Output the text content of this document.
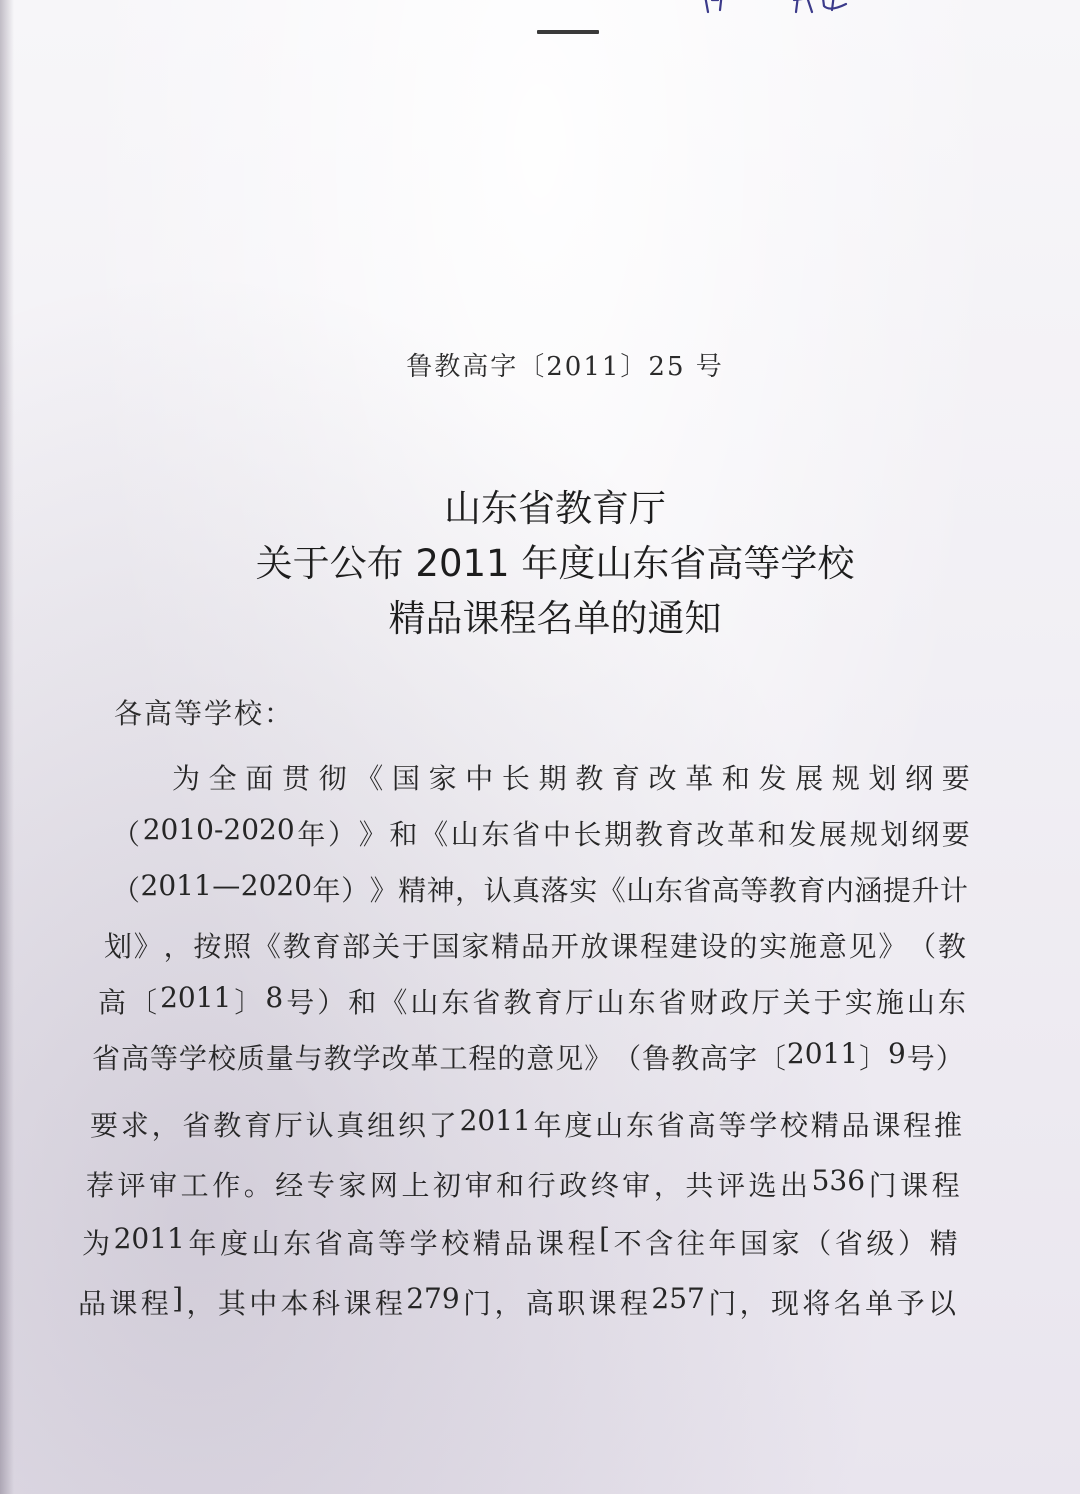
鲁教高字〔2011〕25 号
山东省教育厅
关于公布 2011 年度山东省高等学校
精品课程名单的通知
各高等学校：
为 全 面 贯 彻 《 国 家 中 长 期 教 育 改 革 和 发 展 规 划 纲 要
（ 2010-2020 年 ） 》 和 《 山 东 省 中 长 期 教 育 改 革 和 发 展 规 划 纲 要
（ 2011 — 2020 年 ） 》 精 神 ， 认 真 落 实 《 山 东 省 高 等 教 育 内 涵 提 升 计
划 》 ， 按 照 《 教 育 部 关 于 国 家 精 品 开 放 课 程 建 设 的 实 施 意 见 》 （ 教
高 〔 2011 〕 8 号 ） 和 《 山 东 省 教 育 厅 山 东 省 财 政 厅 关 于 实 施 山 东
省 高 等 学 校 质 量 与 教 学 改 革 工 程 的 意 见 》 （ 鲁 教 高 字 〔 2011 〕 9 号 ）
要 求 ， 省 教 育 厅 认 真 组 织 了 2011 年 度 山 东 省 高 等 学 校 精 品 课 程 推
荐 评 审 工 作 。 经 专 家 网 上 初 审 和 行 政 终 审 ， 共 评 选 出 536 门 课 程
为 2011 年 度 山 东 省 高 等 学 校 精 品 课 程 [ 不 含 往 年 国 家 （ 省 级 ） 精
品 课 程 ] ， 其 中 本 科 课 程 279 门 ， 高 职 课 程 257 门 ， 现 将 名 单 予 以
